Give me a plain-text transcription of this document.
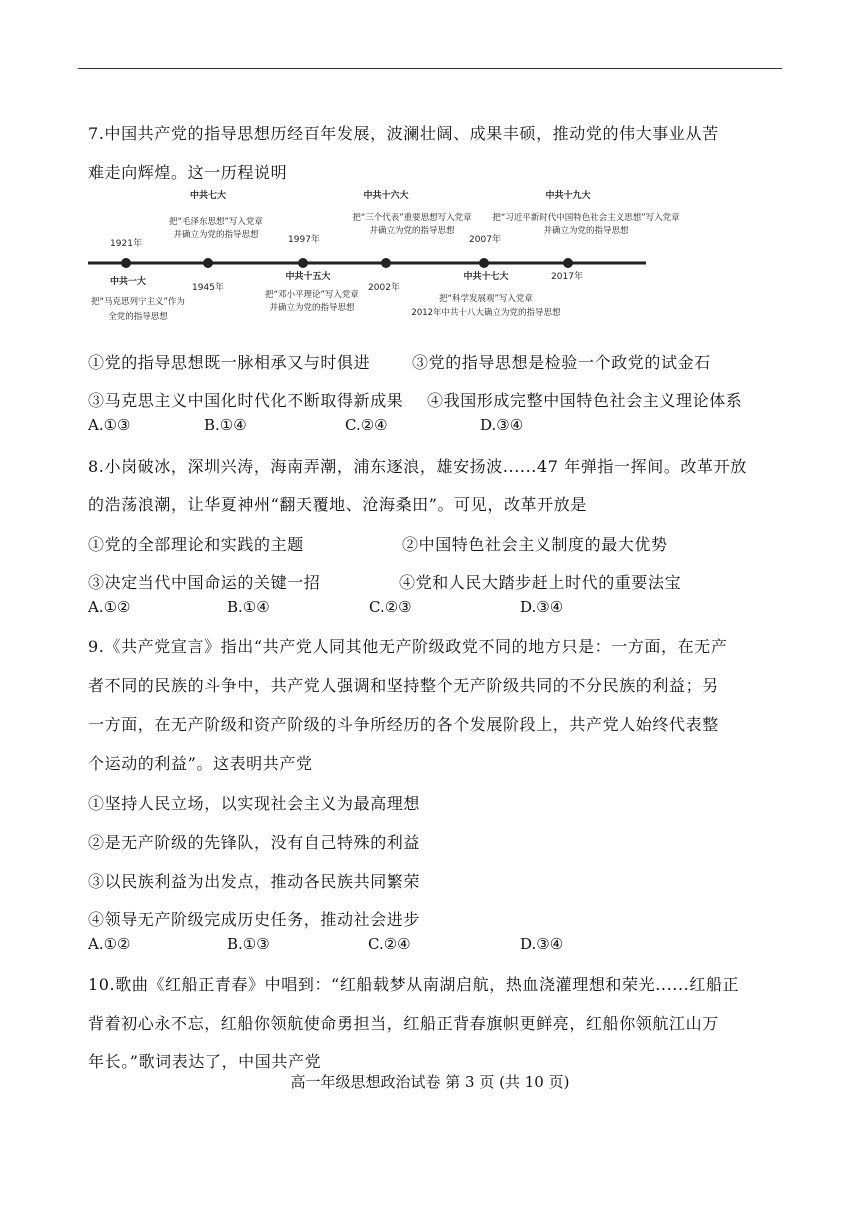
7.中国共产党的指导思想历经百年发展，波澜壮阔、成果丰硕，推动党的伟大事业从苦
难走向辉煌。这一历程说明
1921年
1945年
1997年
2002年
2007年
2017年
中共七大
把“毛泽东思想”写入党章
并确立为党的指导思想
中共十六大
把“三个代表”重要思想写入党章
并确立为党的指导思想
中共十九大
把“习近平新时代中国特色社会主义思想”写入党章
并确立为党的指导思想
中共一大
把“马克思列宁主义”作为
全党的指导思想
中共十五大
把“邓小平理论”写入党章
并确立为党的指导思想
中共十七大
把“科学发展观”写入党章
2012年中共十八大确立为党的指导思想
①党的指导思想既一脉相承又与时俱进	③党的指导思想是检验一个政党的试金石
③马克思主义中国化时代化不断取得新成果 ④我国形成完整中国特色社会主义理论体系
A.①③	B.①④	C.②④	D.③④
8.小岗破冰，深圳兴涛，海南弄潮，浦东逐浪，雄安扬波......47 年弹指一挥间。改革开放
的浩荡浪潮，让华夏神州“翻天覆地、沧海桑田”。可见，改革开放是
①党的全部理论和实践的主题	②中国特色社会主义制度的最大优势
③决定当代中国命运的关键一招	④党和人民大踏步赶上时代的重要法宝
A.①②	B.①④	C.②③	D.③④
9.《共产党宣言》指出“共产党人同其他无产阶级政党不同的地方只是：一方面，在无产
者不同的民族的斗争中，共产党人强调和坚持整个无产阶级共同的不分民族的利益；另
一方面，在无产阶级和资产阶级的斗争所经历的各个发展阶段上，共产党人始终代表整
个运动的利益”。这表明共产党
①坚持人民立场，以实现社会主义为最高理想
②是无产阶级的先锋队，没有自己特殊的利益
③以民族利益为出发点，推动各民族共同繁荣
④领导无产阶级完成历史任务，推动社会进步
A.①②	B.①③	C.②④	D.③④
10.歌曲《红船正青春》中唱到：“红船载梦从南湖启航，热血浇灌理想和荣光......红船正
背着初心永不忘，红船你领航使命勇担当，红船正背春旗帜更鲜亮，红船你领航江山万
年长。”歌词表达了，中国共产党
高一年级思想政治试卷 第 3 页 (共 10 页)
